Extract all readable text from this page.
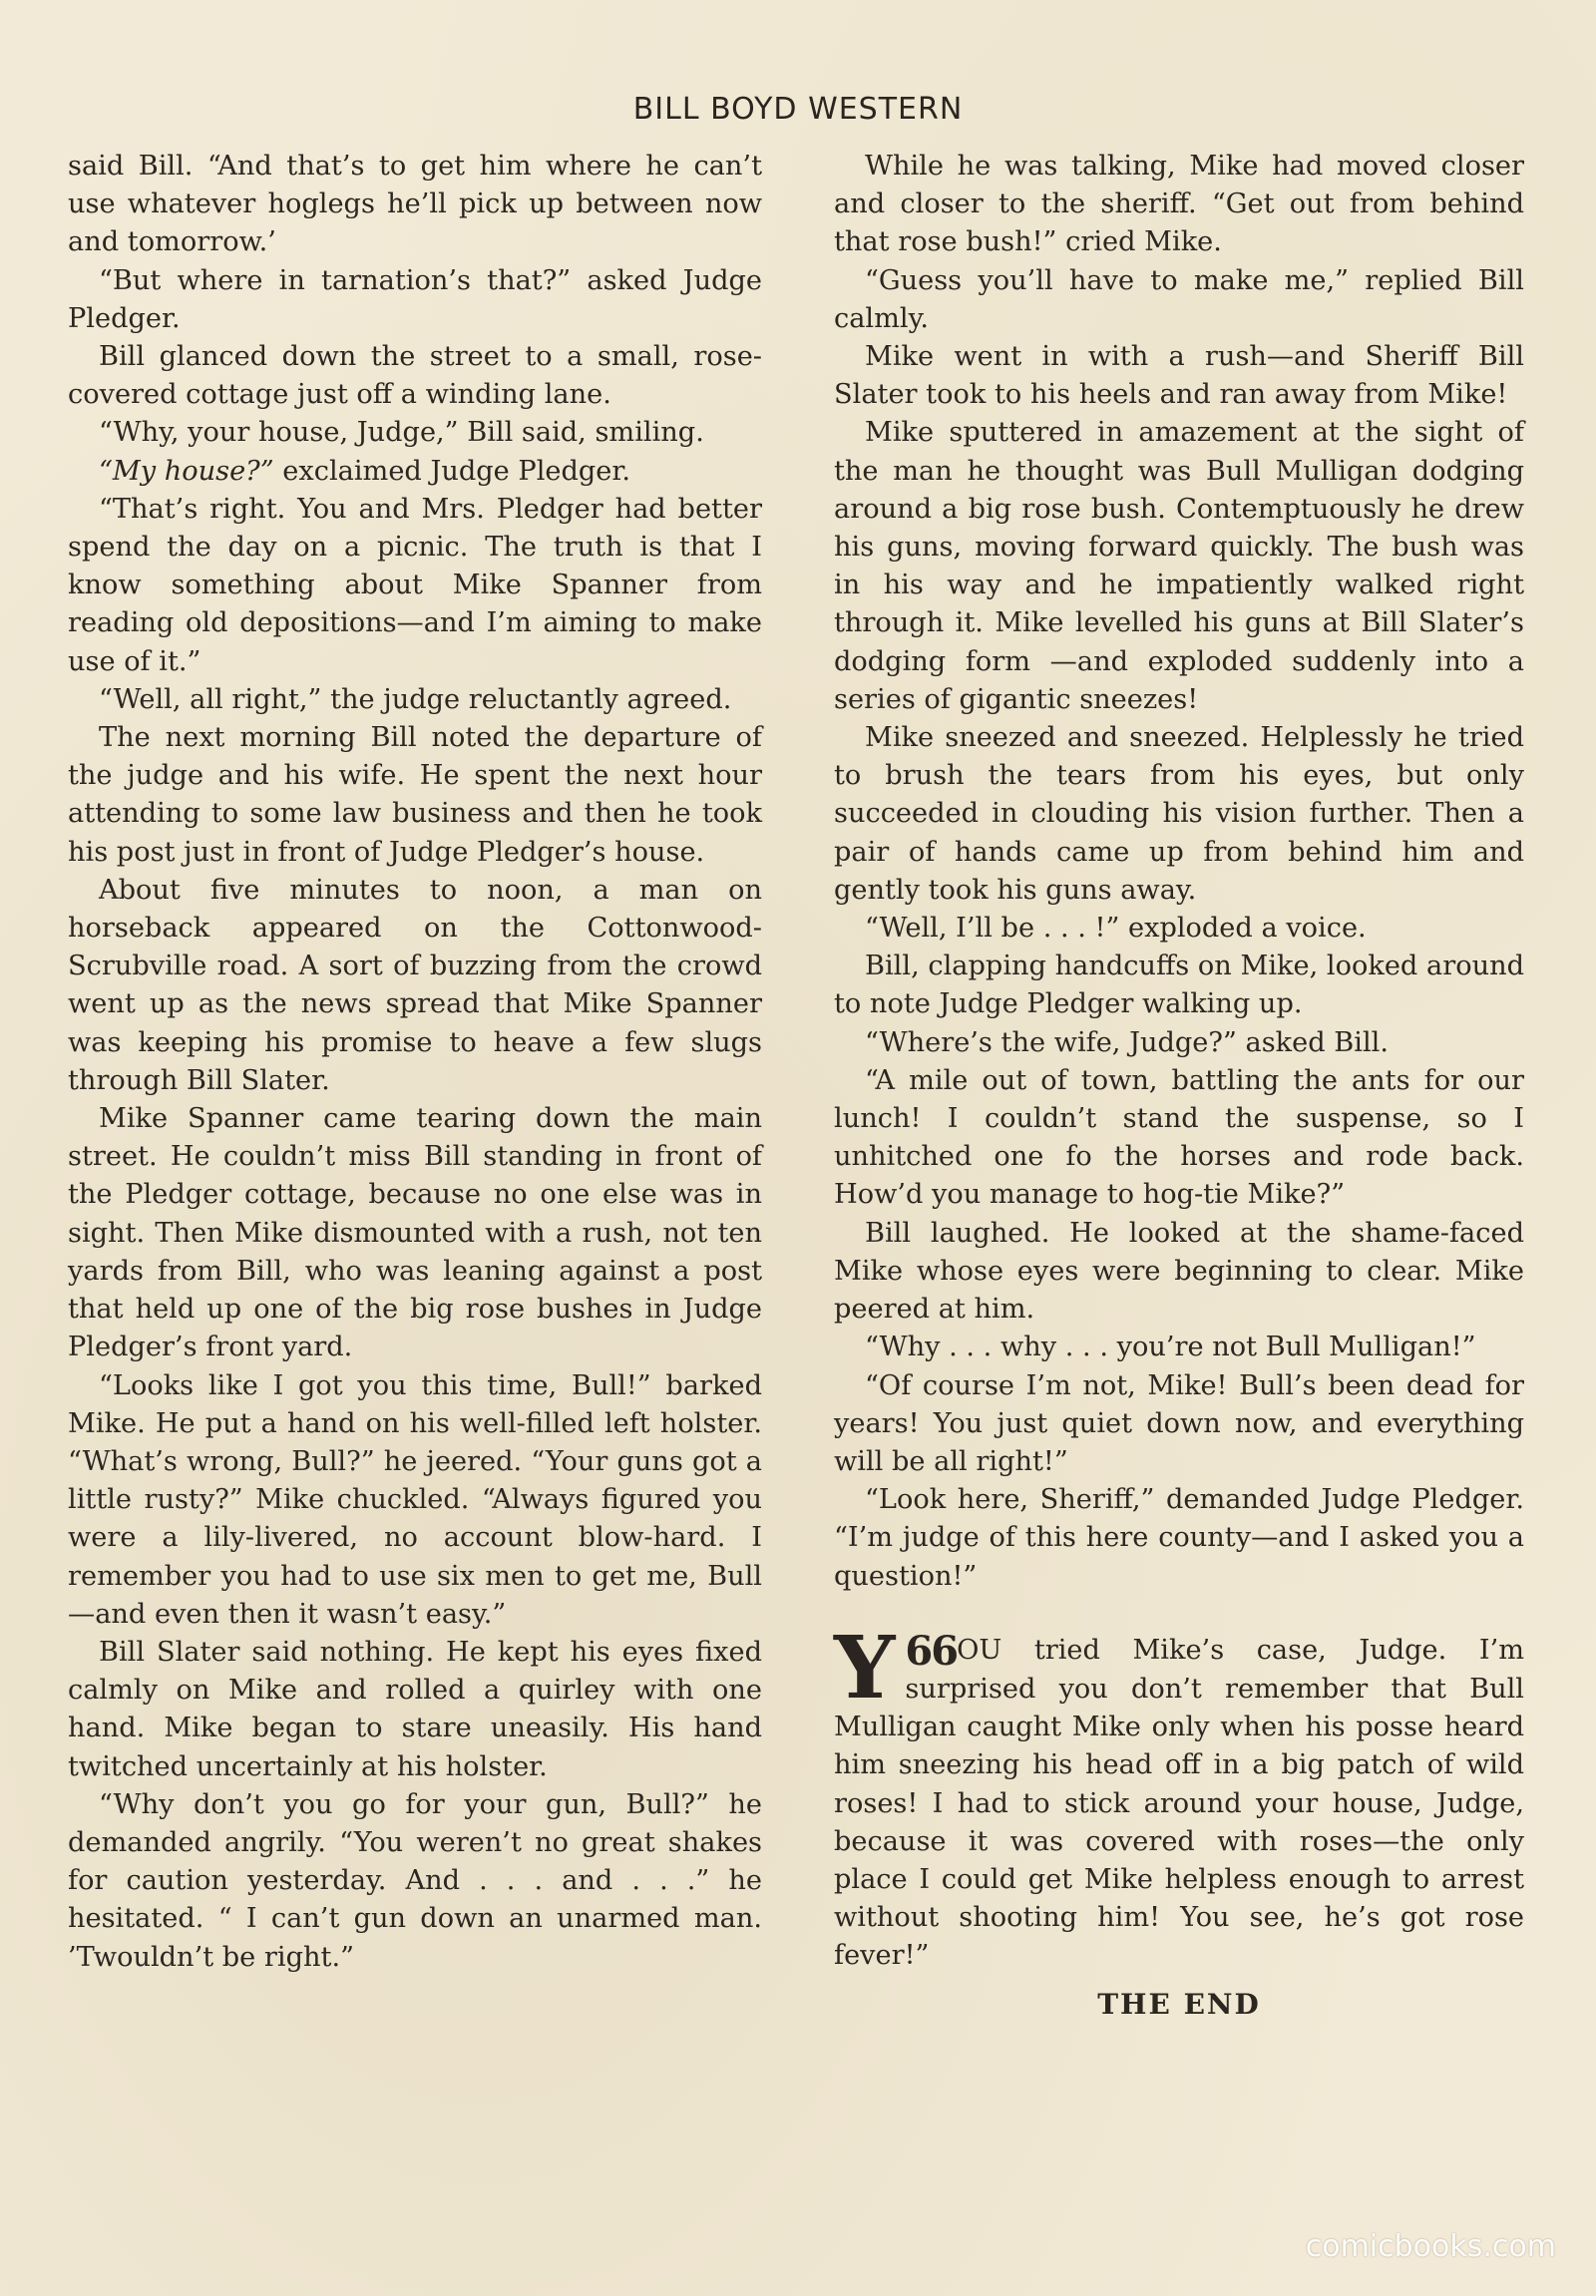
BILL BOYD WESTERN

said Bill. “And that’s to get him where he can’t use whatever hoglegs he’ll pick up between now and tomorrow.’

“But where in tarnation’s that?” asked Judge Pledger.

Bill glanced down the street to a small, rose-covered cottage just off a winding lane.

“Why, your house, Judge,” Bill said, smiling.

“My house?” exclaimed Judge Pledger.

“That’s right. You and Mrs. Pledger had better spend the day on a picnic. The truth is that I know something about Mike Spanner from reading old depositions—and I’m aiming to make use of it.”

“Well, all right,” the judge reluctantly agreed.

The next morning Bill noted the departure of the judge and his wife. He spent the next hour attending to some law business and then he took his post just in front of Judge Pledger’s house.

About five minutes to noon, a man on horseback appeared on the Cottonwood-Scrubville road. A sort of buzzing from the crowd went up as the news spread that Mike Spanner was keeping his promise to heave a few slugs through Bill Slater.

Mike Spanner came tearing down the main street. He couldn’t miss Bill standing in front of the Pledger cottage, because no one else was in sight. Then Mike dismounted with a rush, not ten yards from Bill, who was leaning against a post that held up one of the big rose bushes in Judge Pledger’s front yard.

“Looks like I got you this time, Bull!” barked Mike. He put a hand on his well-filled left holster. “What’s wrong, Bull?” he jeered. “Your guns got a little rusty?” Mike chuckled. “Always figured you were a lily-livered, no account blow-hard. I remember you had to use six men to get me, Bull—and even then it wasn’t easy.”

Bill Slater said nothing. He kept his eyes fixed calmly on Mike and rolled a quirley with one hand. Mike began to stare uneasily. His hand twitched uncertainly at his holster.

“Why don’t you go for your gun, Bull?” he demanded angrily. “You weren’t no great shakes for caution yesterday. And . . . and . . .” he hesitated. “ I can’t gun down an unarmed man. ’Twouldn’t be right.”

While he was talking, Mike had moved closer and closer to the sheriff. “Get out from behind that rose bush!” cried Mike.

“Guess you’ll have to make me,” replied Bill calmly.

Mike went in with a rush—and Sheriff Bill Slater took to his heels and ran away from Mike!

Mike sputtered in amazement at the sight of the man he thought was Bull Mulligan dodging around a big rose bush. Contemptuously he drew his guns, moving forward quickly. The bush was in his way and he impatiently walked right through it. Mike levelled his guns at Bill Slater’s dodging form —and exploded suddenly into a series of gigantic sneezes!

Mike sneezed and sneezed. Helplessly he tried to brush the tears from his eyes, but only succeeded in clouding his vision further. Then a pair of hands came up from behind him and gently took his guns away.

“Well, I’ll be . . . !” exploded a voice.

Bill, clapping handcuffs on Mike, looked around to note Judge Pledger walking up.

“Where’s the wife, Judge?” asked Bill.

“A mile out of town, battling the ants for our lunch! I couldn’t stand the suspense, so I unhitched one fo the horses and rode back. How’d you manage to hog-tie Mike?”

Bill laughed. He looked at the shame-faced Mike whose eyes were beginning to clear. Mike peered at him.

“Why . . . why . . . you’re not Bull Mulligan!”

“Of course I’m not, Mike! Bull’s been dead for years! You just quiet down now, and everything will be all right!”

“Look here, Sheriff,” demanded Judge Pledger. “I’m judge of this here county—and I asked you a question!”

66
Y OU tried Mike’s case, Judge. I’m surprised you don’t remember that Bull Mulligan caught Mike only when his posse heard him sneezing his head off in a big patch of wild roses! I had to stick around your house, Judge, because it was covered with roses—the only place I could get Mike helpless enough to arrest without shooting him! You see, he’s got rose fever!”

THE END
comicbooks.com
